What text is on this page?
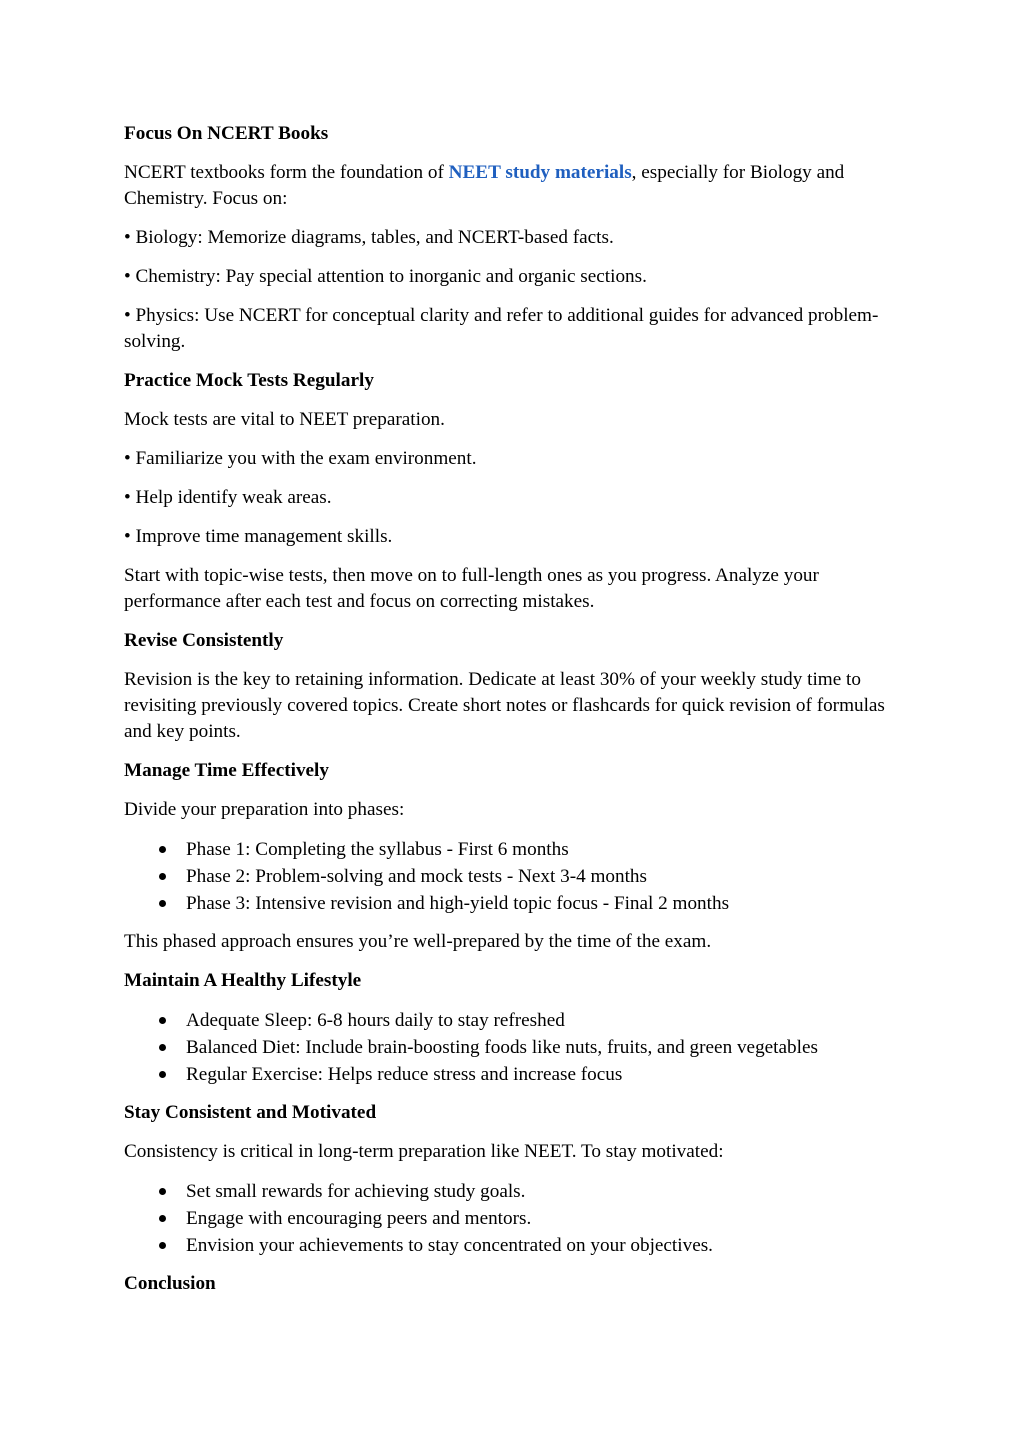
Focus On NCERT Books
NCERT textbooks form the foundation of NEET study materials, especially for Biology and Chemistry. Focus on:
• Biology: Memorize diagrams, tables, and NCERT-based facts.
• Chemistry: Pay special attention to inorganic and organic sections.
• Physics: Use NCERT for conceptual clarity and refer to additional guides for advanced problem-solving.
Practice Mock Tests Regularly
Mock tests are vital to NEET preparation.
• Familiarize you with the exam environment.
• Help identify weak areas.
• Improve time management skills.
Start with topic-wise tests, then move on to full-length ones as you progress. Analyze your performance after each test and focus on correcting mistakes.
Revise Consistently
Revision is the key to retaining information. Dedicate at least 30% of your weekly study time to revisiting previously covered topics. Create short notes or flashcards for quick revision of formulas and key points.
Manage Time Effectively
Divide your preparation into phases:
Phase 1: Completing the syllabus - First 6 months
Phase 2: Problem-solving and mock tests - Next 3-4 months
Phase 3: Intensive revision and high-yield topic focus - Final 2 months
This phased approach ensures you’re well-prepared by the time of the exam.
Maintain A Healthy Lifestyle
Adequate Sleep: 6-8 hours daily to stay refreshed
Balanced Diet: Include brain-boosting foods like nuts, fruits, and green vegetables
Regular Exercise: Helps reduce stress and increase focus
Stay Consistent and Motivated
Consistency is critical in long-term preparation like NEET. To stay motivated:
Set small rewards for achieving study goals.
Engage with encouraging peers and mentors.
Envision your achievements to stay concentrated on your objectives.
Conclusion
